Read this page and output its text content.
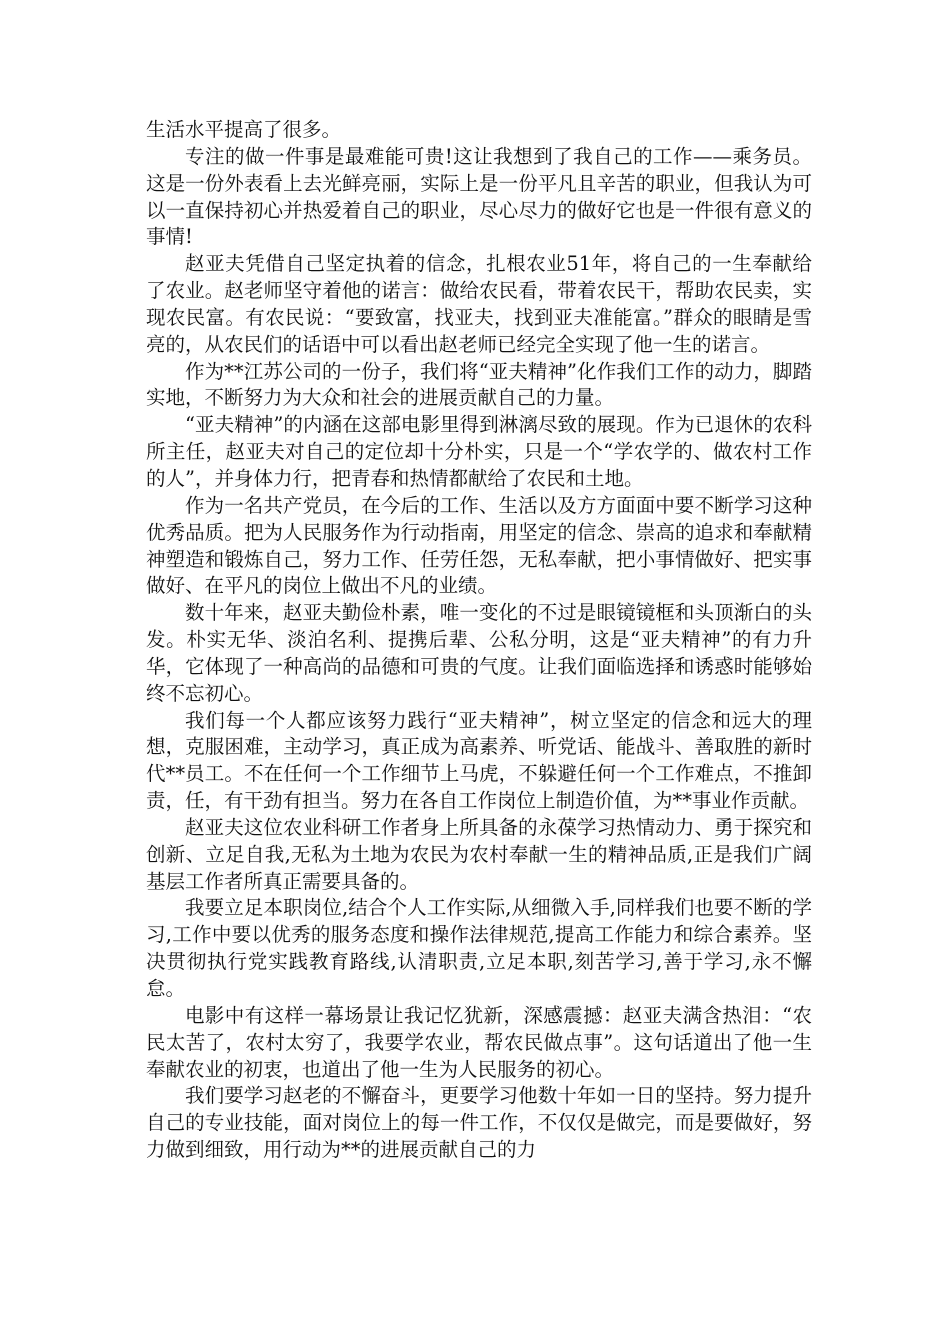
生活水平提高了很多。

专注的做一件事是最难能可贵!这让我想到了我自己的工作——乘务员。这是一份外表看上去光鲜亮丽，实际上是一份平凡且辛苦的职业，但我认为可以一直保持初心并热爱着自己的职业，尽心尽力的做好它也是一件很有意义的事情!

赵亚夫凭借自己坚定执着的信念，扎根农业51年，将自己的一生奉献给了农业。赵老师坚守着他的诺言：做给农民看，带着农民干，帮助农民卖，实现农民富。有农民说：“要致富，找亚夫，找到亚夫准能富。”群众的眼睛是雪亮的，从农民们的话语中可以看出赵老师已经完全实现了他一生的诺言。

作为**江苏公司的一份子，我们将“亚夫精神”化作我们工作的动力，脚踏实地，不断努力为大众和社会的进展贡献自己的力量。

“亚夫精神”的内涵在这部电影里得到淋漓尽致的展现。作为已退休的农科所主任，赵亚夫对自己的定位却十分朴实，只是一个“学农学的、做农村工作的人”，并身体力行，把青春和热情都献给了农民和土地。

作为一名共产党员，在今后的工作、生活以及方方面面中要不断学习这种优秀品质。把为人民服务作为行动指南，用坚定的信念、崇高的追求和奉献精神塑造和锻炼自己，努力工作、任劳任怨，无私奉献，把小事情做好、把实事做好、在平凡的岗位上做出不凡的业绩。

数十年来，赵亚夫勤俭朴素，唯一变化的不过是眼镜镜框和头顶渐白的头发。朴实无华、淡泊名利、提携后辈、公私分明，这是“亚夫精神”的有力升华，它体现了一种高尚的品德和可贵的气度。让我们面临选择和诱惑时能够始终不忘初心。

我们每一个人都应该努力践行“亚夫精神”，树立坚定的信念和远大的理想，克服困难，主动学习，真正成为高素养、听党话、能战斗、善取胜的新时代**员工。不在任何一个工作细节上马虎，不躲避任何一个工作难点，不推卸责，任，有干劲有担当。努力在各自工作岗位上制造价值，为**事业作贡献。

赵亚夫这位农业科研工作者身上所具备的永葆学习热情动力、勇于探究和创新、立足自我,无私为土地为农民为农村奉献一生的精神品质,正是我们广阔基层工作者所真正需要具备的。

我要立足本职岗位,结合个人工作实际,从细微入手,同样我们也要不断的学习,工作中要以优秀的服务态度和操作法律规范,提高工作能力和综合素养。坚决贯彻执行党实践教育路线,认清职责,立足本职,刻苦学习,善于学习,永不懈怠。

电影中有这样一幕场景让我记忆犹新，深感震撼：赵亚夫满含热泪：“农民太苦了，农村太穷了，我要学农业，帮农民做点事”。这句话道出了他一生奉献农业的初衷，也道出了他一生为人民服务的初心。

我们要学习赵老的不懈奋斗，更要学习他数十年如一日的坚持。努力提升自己的专业技能，面对岗位上的每一件工作，不仅仅是做完，而是要做好，努力做到细致，用行动为**的进展贡献自己的力
